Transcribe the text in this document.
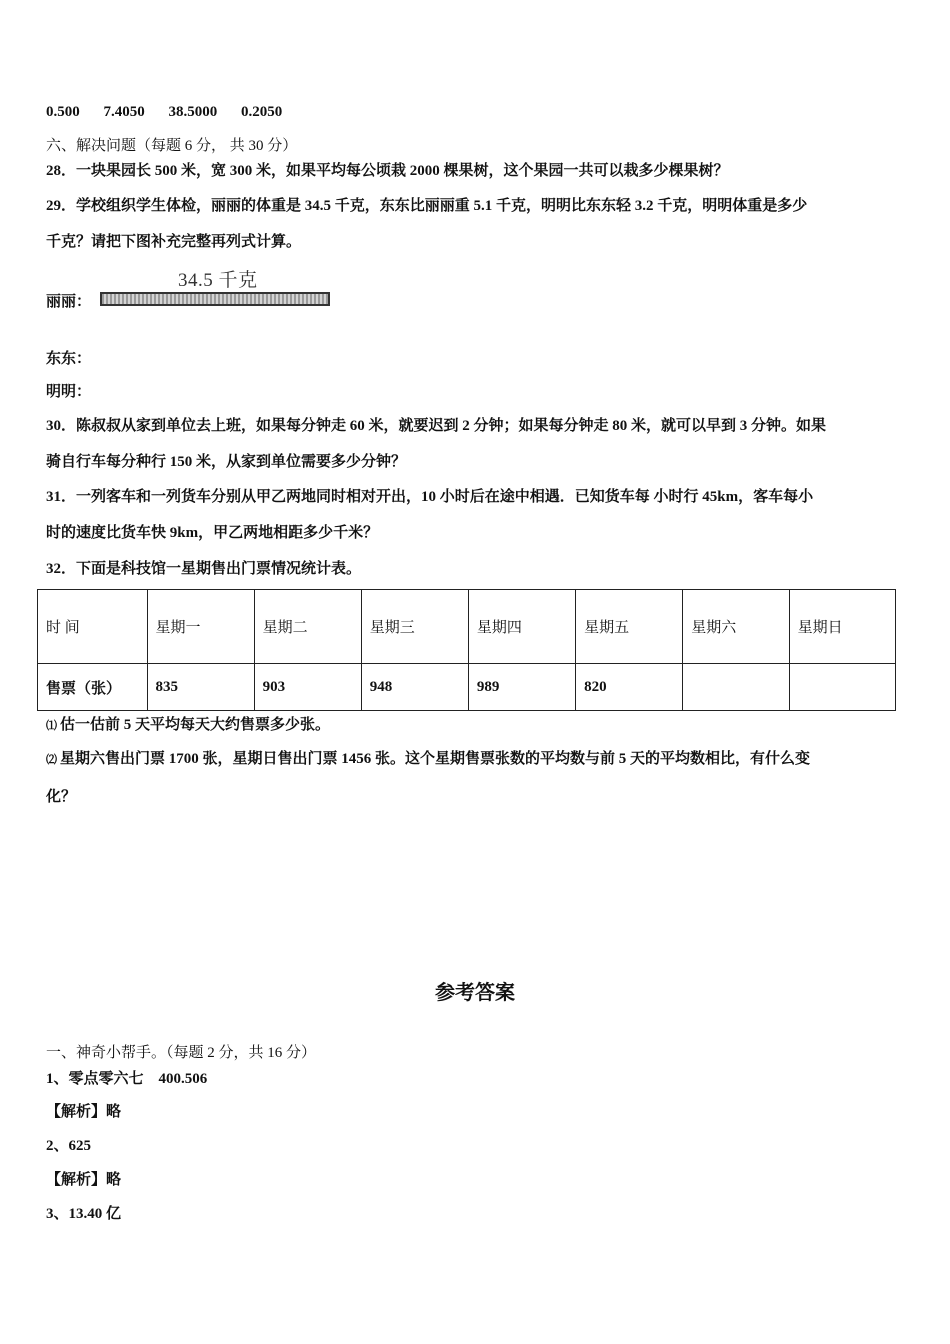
0.500 7.4050 38.5000 0.2050
六、解决问题（每题 6 分， 共 30 分）
28．一块果园长 500 米，宽 300 米，如果平均每公顷栽 2000 棵果树，这个果园一共可以栽多少棵果树？
29．学校组织学生体检，丽丽的体重是 34.5 千克，东东比丽丽重 5.1 千克，明明比东东轻 3.2 千克，明明体重是多少
千克？请把下图补充完整再列式计算。
34.5 千克
丽丽：
东东：
明明：
30．陈叔叔从家到单位去上班，如果每分钟走 60 米，就要迟到 2 分钟；如果每分钟走 80 米，就可以早到 3 分钟。如果
骑自行车每分种行 150 米，从家到单位需要多少分钟？
31．一列客车和一列货车分别从甲乙两地同时相对开出，10 小时后在途中相遇．已知货车每 小时行 45km，客车每小
时的速度比货车快 9km，甲乙两地相距多少千米？
32．下面是科技馆一星期售出门票情况统计表。
时 间	星期一	星期二	星期三	星期四	星期五	星期六	星期日
售票（张）	835	903	948	989	820		
⑴ 估一估前 5 天平均每天大约售票多少张。
⑵ 星期六售出门票 1700 张，星期日售出门票 1456 张。这个星期售票张数的平均数与前 5 天的平均数相比，有什么变
化？
参考答案
一、神奇小帮手。（每题 2 分，共 16 分）
1、零点零六七　400.506
【解析】略
2、625
【解析】略
3、13.40 亿
